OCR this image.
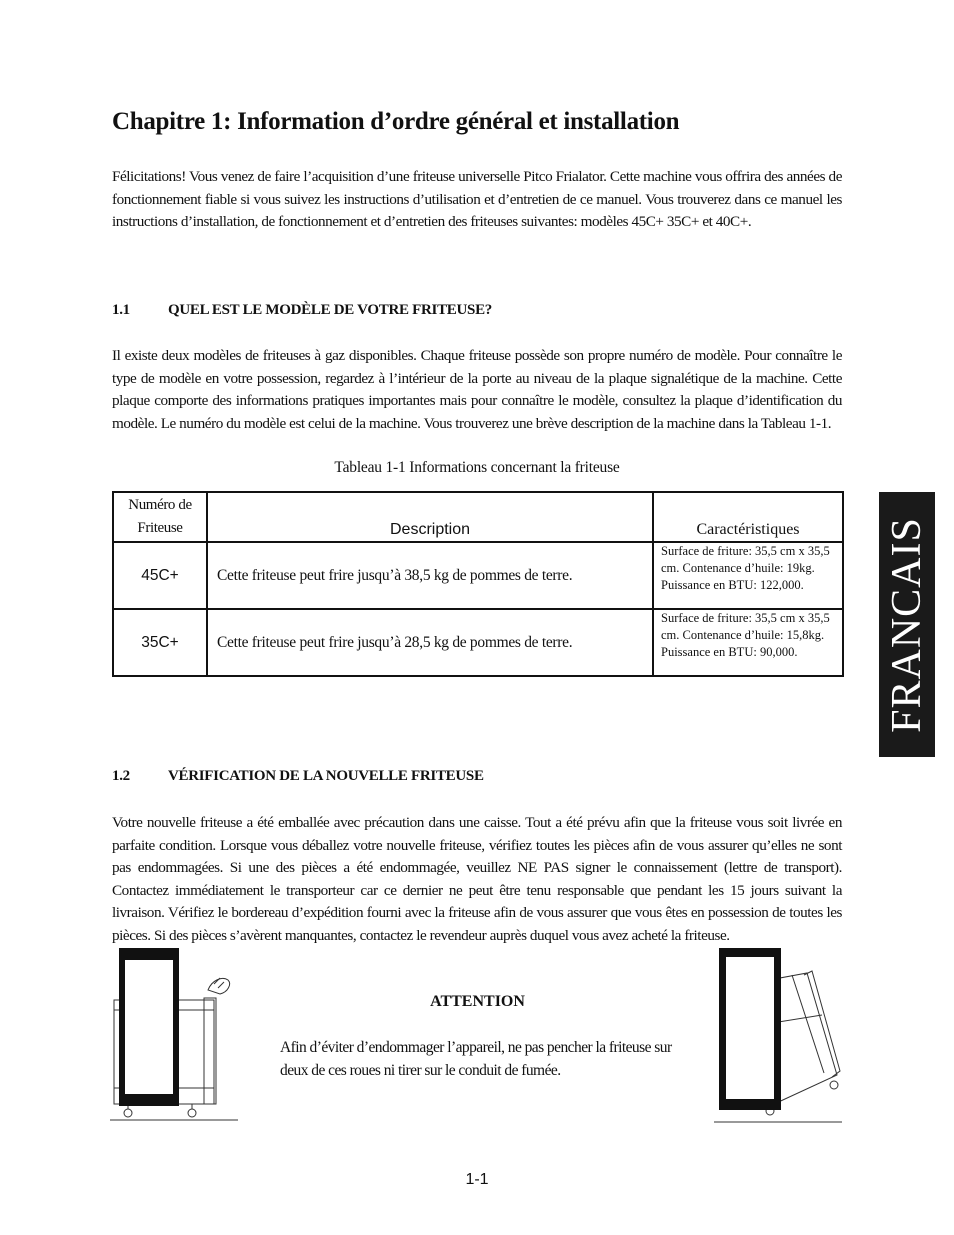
Chapitre 1: Information d’ordre général et installation
Félicitations! Vous venez de faire l’acquisition d’une friteuse universelle Pitco Frialator. Cette machine vous offrira des années de fonctionnement fiable si vous suivez les instructions d’utilisation et d’entretien de ce manuel. Vous trouverez dans ce manuel les instructions d’installation, de fonctionnement et d’entretien des friteuses suivantes: modèles 45C+ 35C+ et 40C+.
1.1	QUEL EST LE MODÈLE DE VOTRE FRITEUSE?
Il existe deux modèles de friteuses à gaz disponibles. Chaque friteuse possède son propre numéro de modèle. Pour connaître le type de modèle en votre possession, regardez à l’intérieur de la porte au niveau de la plaque signalétique de la machine. Cette plaque comporte des informations pratiques importantes mais pour connaître le modèle, consultez la plaque d’identification du modèle. Le numéro du modèle est celui de la machine. Vous trouverez une brève description de la machine dans la Tableau 1-1.
Tableau 1-1 Informations concernant la friteuse
Numéro de Friteuse	Description	Caractéristiques
45C+	Cette friteuse peut frire jusqu’à 38,5 kg de pommes de terre.	Surface de friture: 35,5 cm x 35,5 cm. Contenance d’huile: 19kg. Puissance en BTU: 122,000.
35C+	Cette friteuse peut frire jusqu’à 28,5 kg de pommes de terre.	Surface de friture: 35,5 cm x 35,5 cm. Contenance d’huile: 15,8kg. Puissance en BTU: 90,000. FRANCAIS
1.2	VÉRIFICATION DE LA NOUVELLE FRITEUSE
Votre nouvelle friteuse a été emballée avec précaution dans une caisse. Tout a été prévu afin que la friteuse vous soit livrée en parfaite condition. Lorsque vous déballez votre nouvelle friteuse, vérifiez toutes les pièces afin de vous assurer qu’elles ne sont pas endommagées. Si une des pièces a été endommagée, veuillez NE PAS signer le connaissement (lettre de transport). Contactez immédiatement le transporteur car ce dernier ne peut être tenu responsable que pendant les 15 jours suivant la livraison. Vérifiez le bordereau d’expédition fourni avec la friteuse afin de vous assurer que vous êtes en possession de toutes les pièces. Si des pièces s’avèrent manquantes, contactez le revendeur auprès duquel vous avez acheté la friteuse.
ATTENTION
Afin d’éviter d’endommager l’appareil, ne pas pencher la friteuse sur deux de ces roues ni tirer sur le conduit de fumée.
1-1
